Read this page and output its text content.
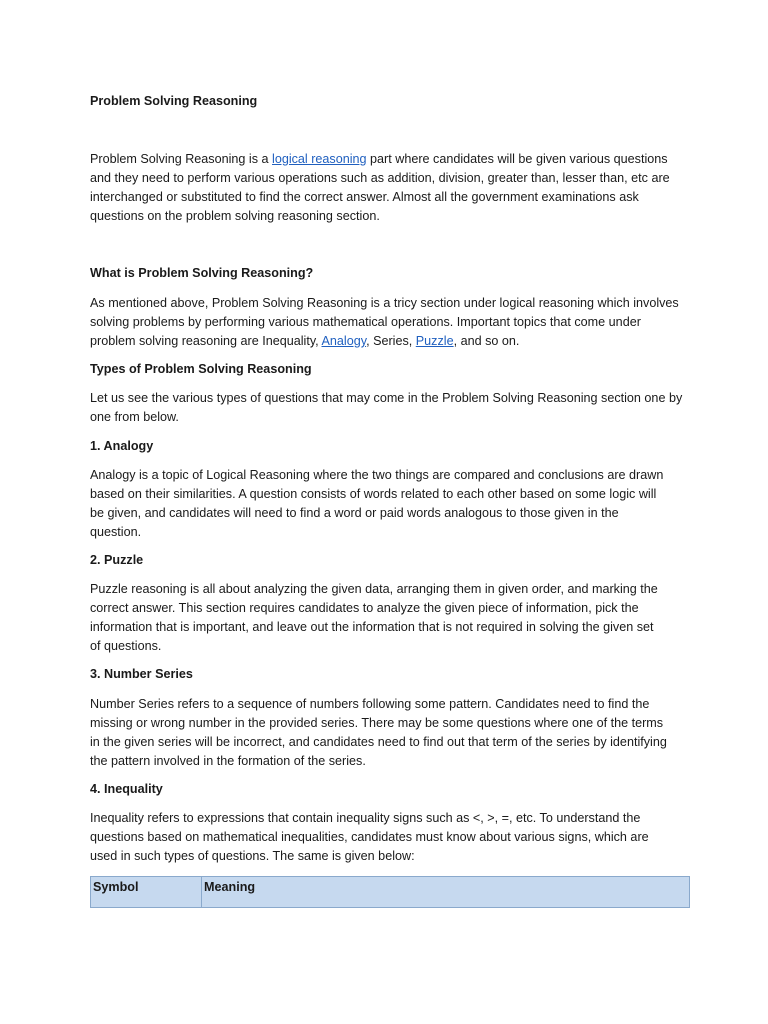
Problem Solving Reasoning

Problem Solving Reasoning is a logical reasoning part where candidates will be given various questions
and they need to perform various operations such as addition, division, greater than, lesser than, etc are
interchanged or substituted to find the correct answer. Almost all the government examinations ask
questions on the problem solving reasoning section.

What is Problem Solving Reasoning?

As mentioned above, Problem Solving Reasoning is a tricy section under logical reasoning which involves
solving problems by performing various mathematical operations. Important topics that come under
problem solving reasoning are Inequality, Analogy, Series, Puzzle, and so on.

Types of Problem Solving Reasoning

Let us see the various types of questions that may come in the Problem Solving Reasoning section one by
one from below.

1. Analogy

Analogy is a topic of Logical Reasoning where the two things are compared and conclusions are drawn
based on their similarities. A question consists of words related to each other based on some logic will
be given, and candidates will need to find a word or paid words analogous to those given in the
question.

2. Puzzle

Puzzle reasoning is all about analyzing the given data, arranging them in given order, and marking the
correct answer. This section requires candidates to analyze the given piece of information, pick the
information that is important, and leave out the information that is not required in solving the given set
of questions.

3. Number Series

Number Series refers to a sequence of numbers following some pattern. Candidates need to find the
missing or wrong number in the provided series. There may be some questions where one of the terms
in the given series will be incorrect, and candidates need to find out that term of the series by identifying
the pattern involved in the formation of the series.

4. Inequality

Inequality refers to expressions that contain inequality signs such as <, >, =, etc. To understand the
questions based on mathematical inequalities, candidates must know about various signs, which are
used in such types of questions. The same is given below:
Symbol	Meaning
